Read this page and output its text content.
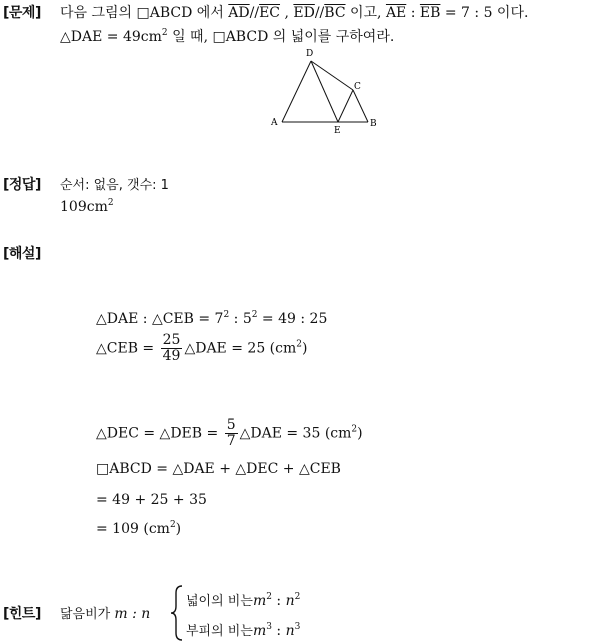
[문제] 다음 그림의 □ABCD 에서 $\overline{AD}//\overline{EC}$ , $\overline{ED}//\overline{BC}$ 이고, $\overline{AE}$ : $\overline{EB} = 7$ : 5 이다.
△DAE = $49cm^2$ 일 때, □ABCD 의 넓이를 구하여라.
A	B
C
D
E
[정답] 순서: 없음, 갯수: 1
$109cm^2$
[해설]
△DAE : △CEB = $7^2$ : $5^2 = 49$ : 25
△CEB = $\frac{25}{49}$ △DAE = 25 $(cm^2)$
△DEC = △DEB = $\frac{5}{7}$ △DAE = 35 $(cm^2)$
□ABCD = △DAE + △DEC + △CEB
= 49 + 25 + 35
= 109 $(cm^2)$
[힌트] 닮음비가 m : n
넓이의 비는$m^2$ : $n^2$
부피의 비는$m^3$ : $n^3$
